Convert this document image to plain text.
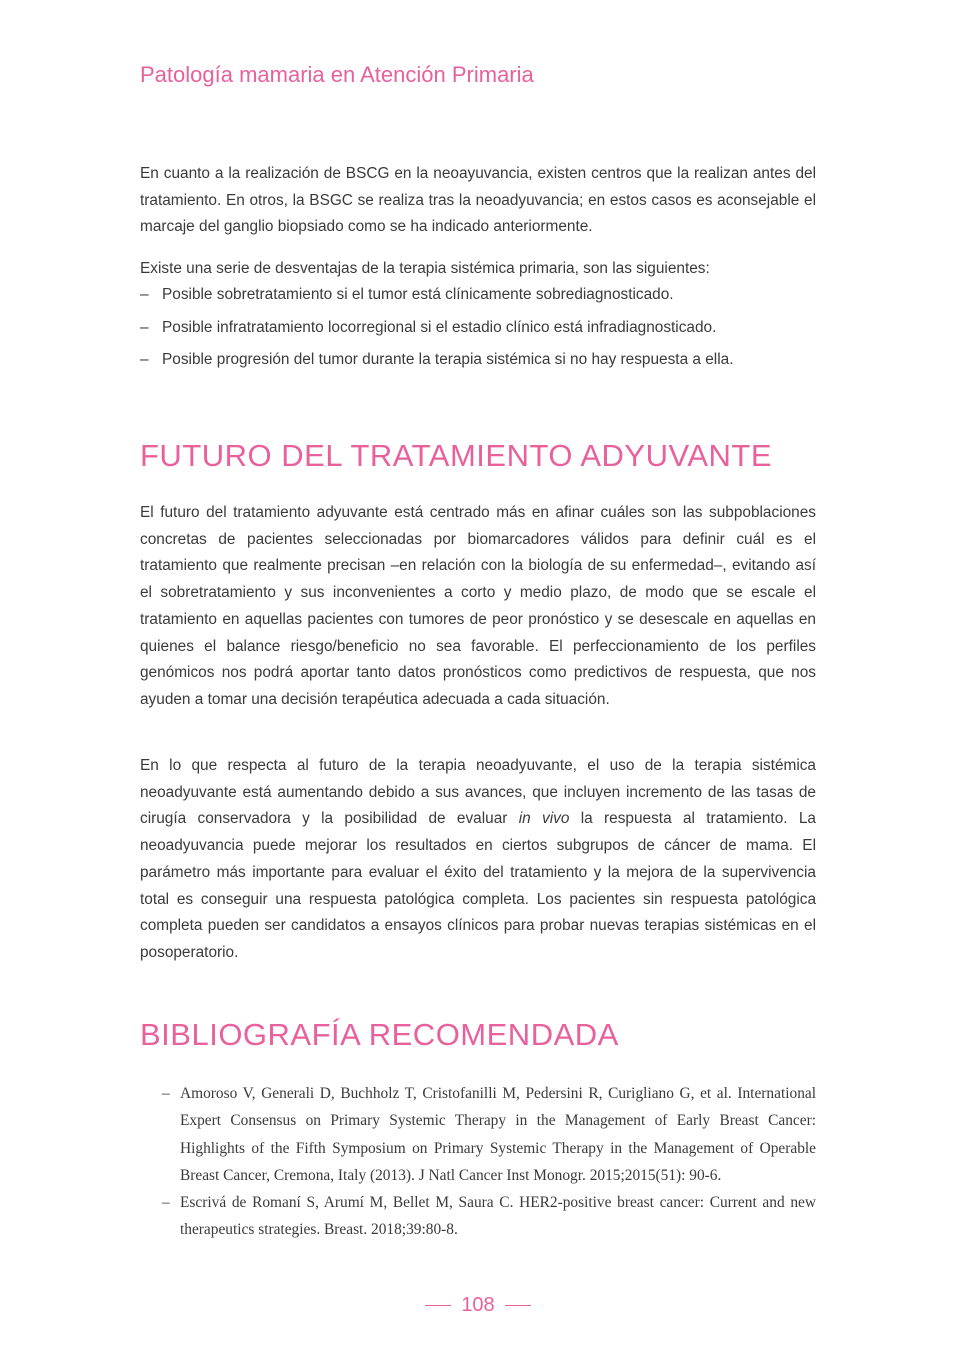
Patología mamaria en Atención Primaria

En cuanto a la realización de BSCG en la neoayuvancia, existen centros que la realizan antes del tratamiento. En otros, la BSGC se realiza tras la neoadyuvancia; en estos casos es aconsejable el marcaje del ganglio biopsiado como se ha indicado anteriormente.

Existe una serie de desventajas de la terapia sistémica primaria, son las siguientes:

– Posible sobretratamiento si el tumor está clínicamente sobrediagnosticado.
– Posible infratratamiento locorregional si el estadio clínico está infradiagnosticado.
– Posible progresión del tumor durante la terapia sistémica si no hay respuesta a ella.
FUTURO DEL TRATAMIENTO ADYUVANTE

El futuro del tratamiento adyuvante está centrado más en afinar cuáles son las subpoblaciones concretas de pacientes seleccionadas por biomarcadores válidos para definir cuál es el tratamiento que realmente precisan –en relación con la biología de su enfermedad–, evitando así el sobretratamiento y sus inconvenientes a corto y medio plazo, de modo que se escale el tratamiento en aquellas pacientes con tumores de peor pronóstico y se desescale en aquellas en quienes el balance riesgo/beneficio no sea favorable. El perfeccionamiento de los perfiles genómicos nos podrá aportar tanto datos pronósticos como predictivos de respuesta, que nos ayuden a tomar una decisión terapéutica adecuada a cada situación.

En lo que respecta al futuro de la terapia neoadyuvante, el uso de la terapia sistémica neoadyuvante está aumentando debido a sus avances, que incluyen incremento de las tasas de cirugía conservadora y la posibilidad de evaluar in vivo la respuesta al tratamiento. La neoadyuvancia puede mejorar los resultados en ciertos subgrupos de cáncer de mama. El parámetro más importante para evaluar el éxito del tratamiento y la mejora de la supervivencia total es conseguir una respuesta patológica completa. Los pacientes sin respuesta patológica completa pueden ser candidatos a ensayos clínicos para probar nuevas terapias sistémicas en el posoperatorio.

BIBLIOGRAFÍA RECOMENDADA
– Amoroso V, Generali D, Buchholz T, Cristofanilli M, Pedersini R, Curigliano G, et al. International Expert Consensus on Primary Systemic Therapy in the Management of Early Breast Cancer: Highlights of the Fifth Symposium on Primary Systemic Therapy in the Management of Operable Breast Cancer, Cremona, Italy (2013). J Natl Cancer Inst Monogr. 2015;2015(51): 90-6.
– Escrivá de Romaní S, Arumí M, Bellet M, Saura C. HER2-positive breast cancer: Current and new therapeutics strategies. Breast. 2018;39:80-8.
108
